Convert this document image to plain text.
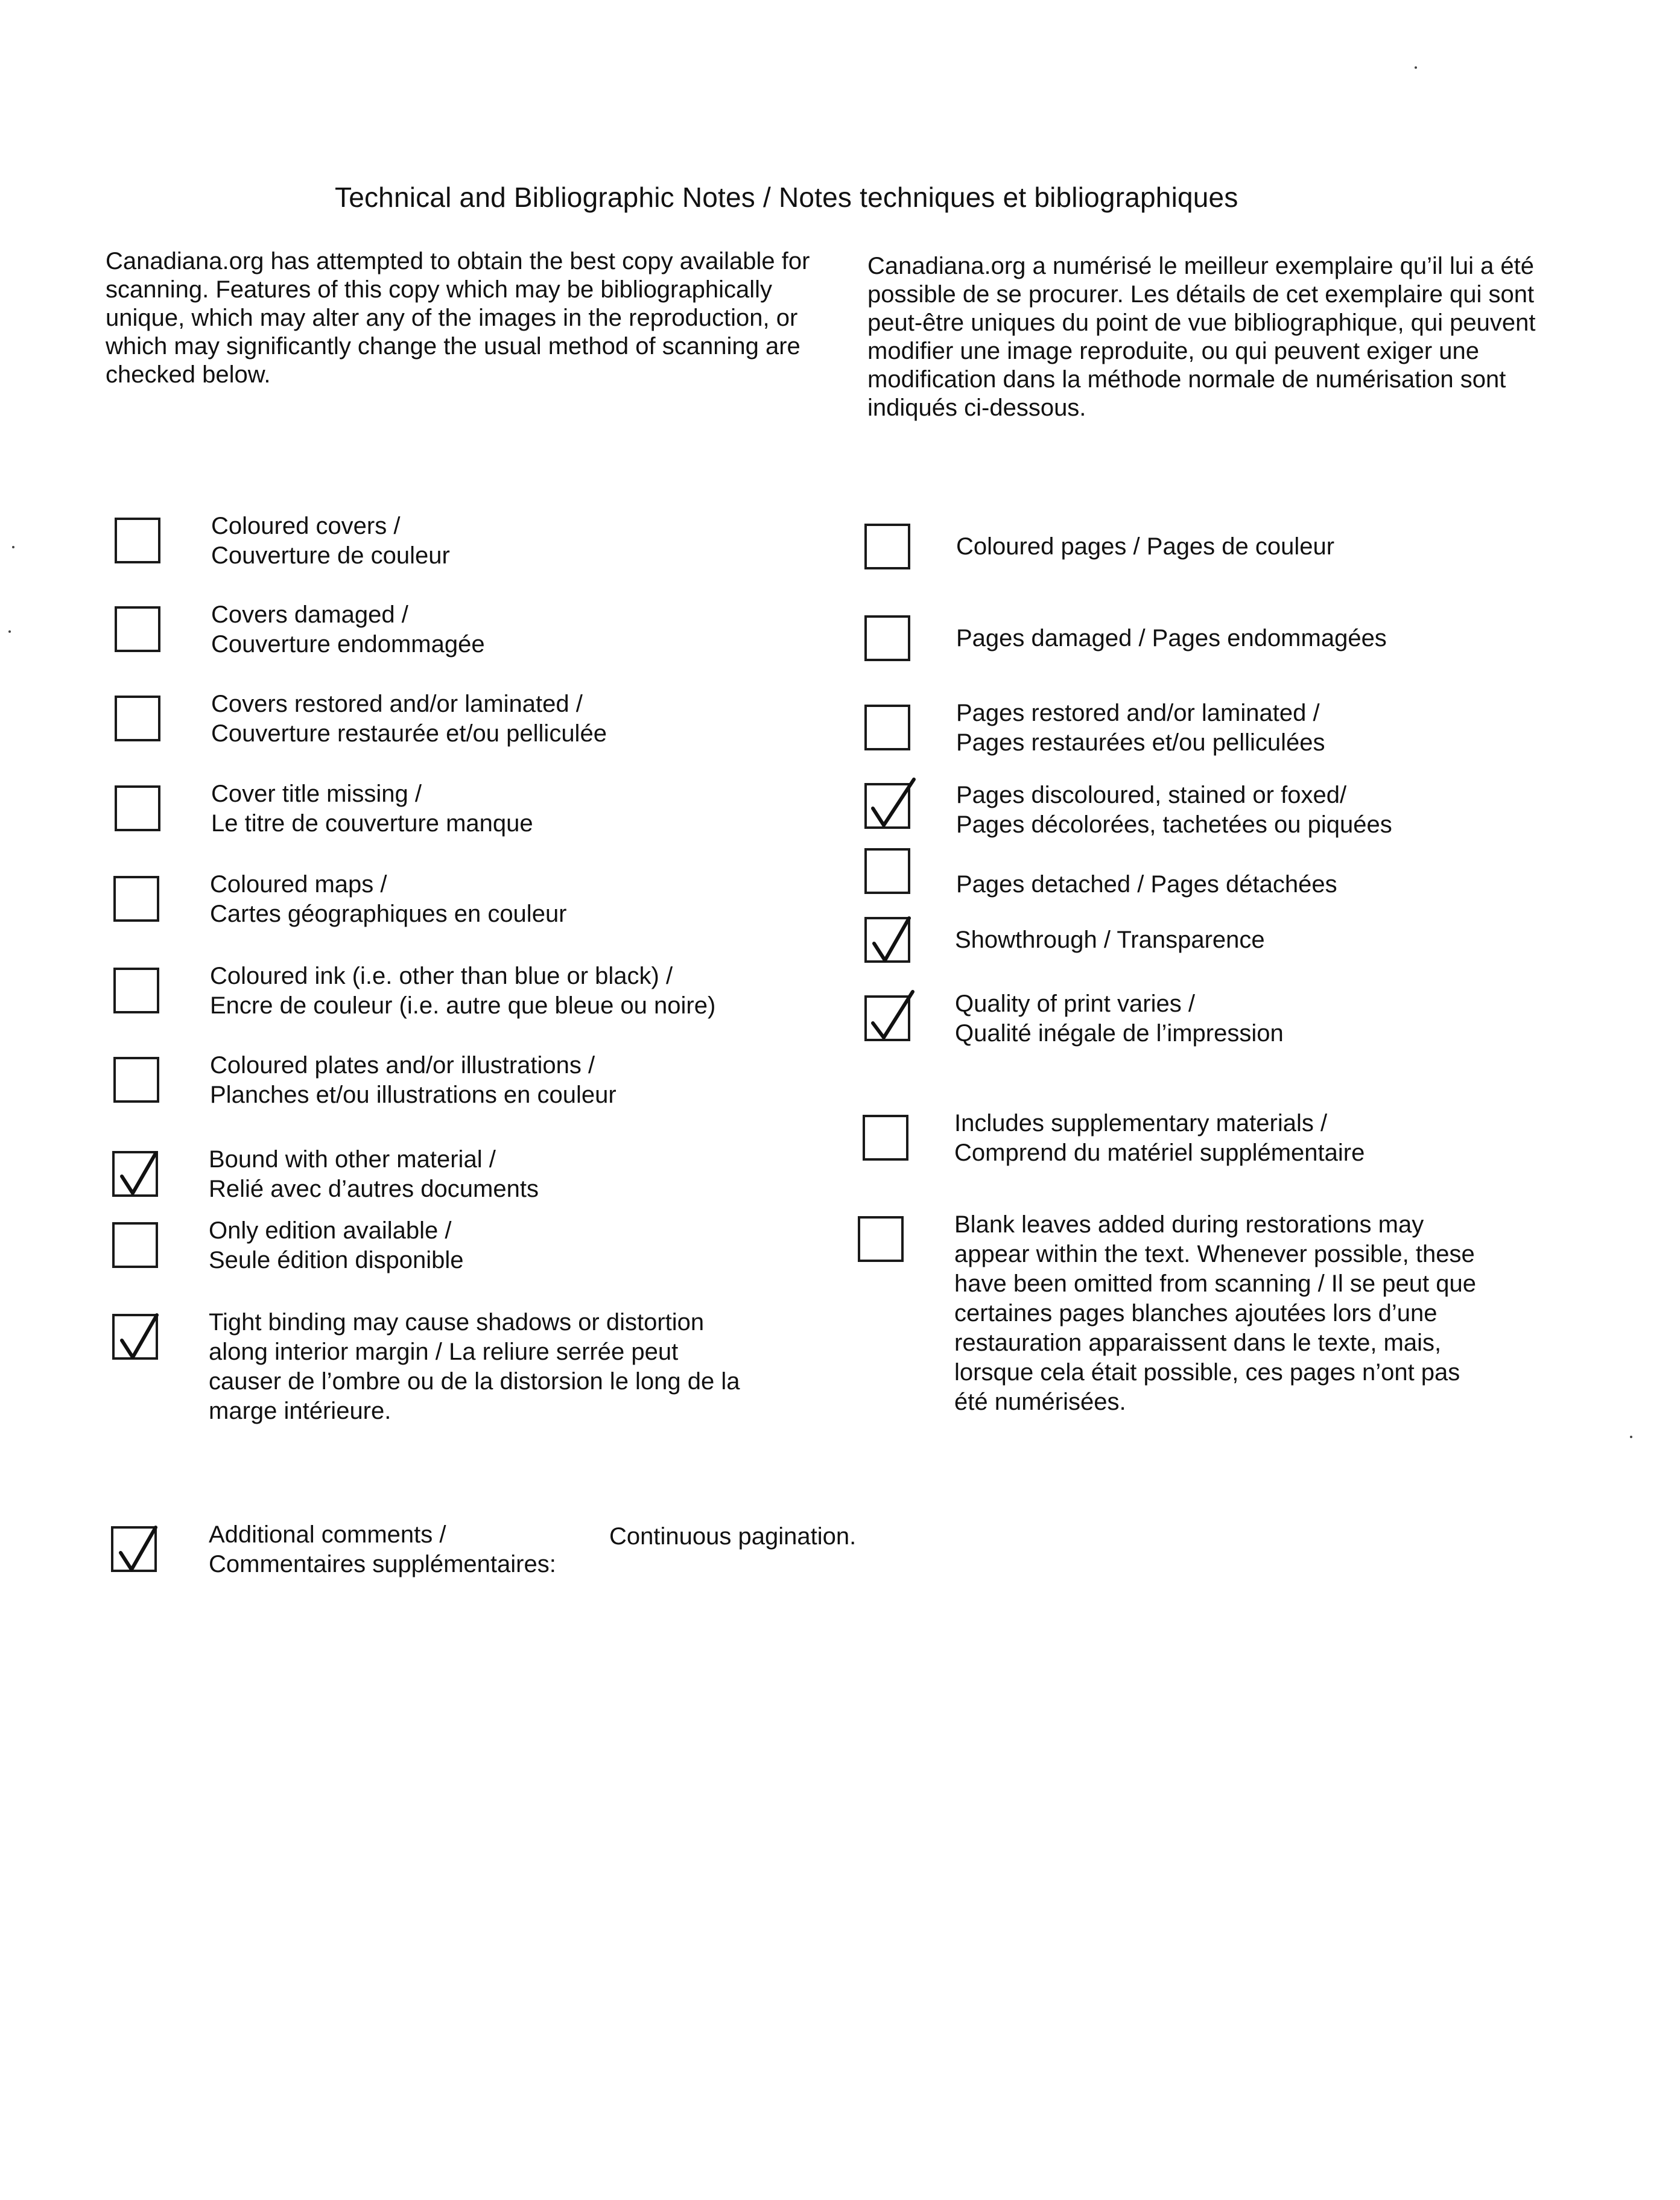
Technical and Bibliographic Notes / Notes techniques et bibliographiques
Canadiana.org has attempted to obtain the best copy available for scanning. Features of this copy which may be bibliographically unique, which may alter any of the images in the reproduction, or which may significantly change the usual method of scanning are checked below.
Canadiana.org a numérisé le meilleur exemplaire qu’il lui a été possible de se procurer. Les détails de cet exemplaire qui sont peut-être uniques du point de vue bibliographique, qui peuvent modifier une image reproduite, ou qui peuvent exiger une modification dans la méthode normale de numérisation sont indiqués ci-dessous.
Coloured covers /
Couverture de couleur
Covers damaged /
Couverture endommagée
Covers restored and/or laminated /
Couverture restaurée et/ou pelliculée
Cover title missing /
Le titre de couverture manque
Coloured maps /
Cartes géographiques en couleur
Coloured ink (i.e. other than blue or black) /
Encre de couleur (i.e. autre que bleue ou noire)
Coloured plates and/or illustrations /
Planches et/ou illustrations en couleur
Bound with other material /
Relié avec d’autres documents
Only edition available /
Seule édition disponible
Tight binding may cause shadows or distortion
along interior margin / La reliure serrée peut
causer de l’ombre ou de la distorsion le long de la
marge intérieure.
Coloured pages / Pages de couleur
Pages damaged / Pages endommagées
Pages restored and/or laminated /
Pages restaurées et/ou pelliculées
Pages discoloured, stained or foxed/
Pages décolorées, tachetées ou piquées
Pages detached / Pages détachées
Showthrough / Transparence
Quality of print varies /
Qualité inégale de l’impression
Includes supplementary materials /
Comprend du matériel supplémentaire
Blank leaves added during restorations may
appear within the text. Whenever possible, these
have been omitted from scanning / Il se peut que
certaines pages blanches ajoutées lors d’une
restauration apparaissent dans le texte, mais,
lorsque cela était possible, ces pages n’ont pas
été numérisées.
Additional comments /
Commentaires supplémentaires:
Continuous pagination.
